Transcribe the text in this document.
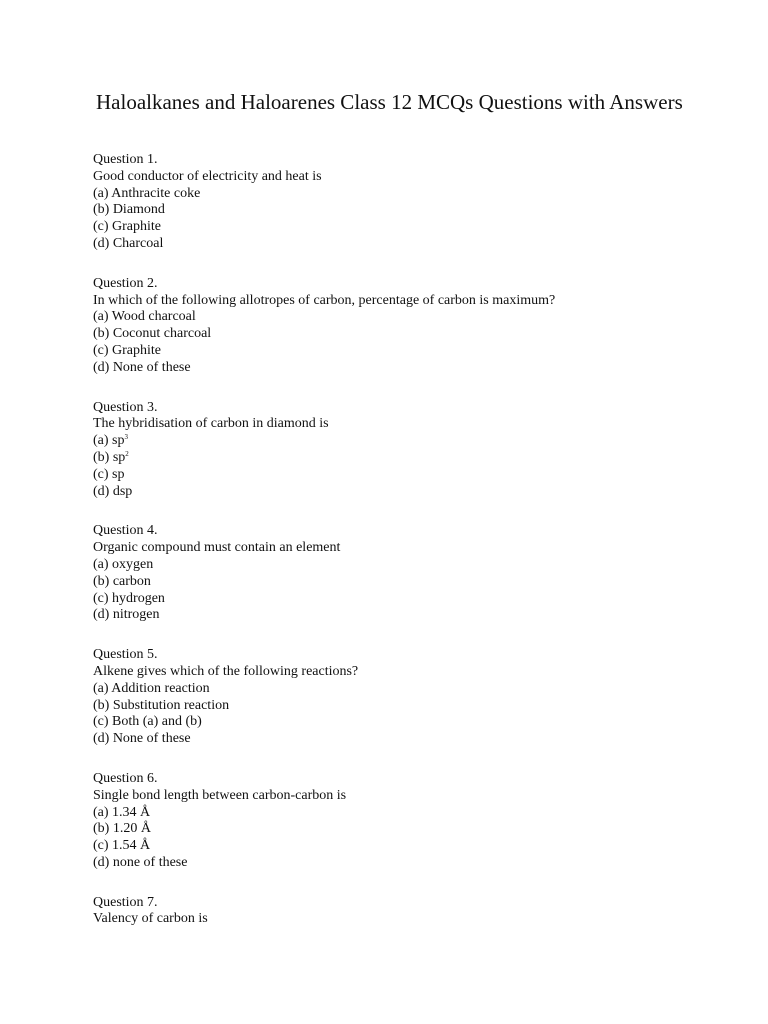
Haloalkanes and Haloarenes Class 12 MCQs Questions with Answers
Question 1.
Good conductor of electricity and heat is
(a) Anthracite coke
(b) Diamond
(c) Graphite
(d) Charcoal
Question 2.
In which of the following allotropes of carbon, percentage of carbon is maximum?
(a) Wood charcoal
(b) Coconut charcoal
(c) Graphite
(d) None of these
Question 3.
The hybridisation of carbon in diamond is
(a) $sp^3$
(b) $sp^2$
(c) sp
(d) dsp
Question 4.
Organic compound must contain an element
(a) oxygen
(b) carbon
(c) hydrogen
(d) nitrogen
Question 5.
Alkene gives which of the following reactions?
(a) Addition reaction
(b) Substitution reaction
(c) Both (a) and (b)
(d) None of these
Question 6.
Single bond length between carbon-carbon is
(a) 1.34 Å
(b) 1.20 Å
(c) 1.54 Å
(d) none of these
Question 7.
Valency of carbon is
